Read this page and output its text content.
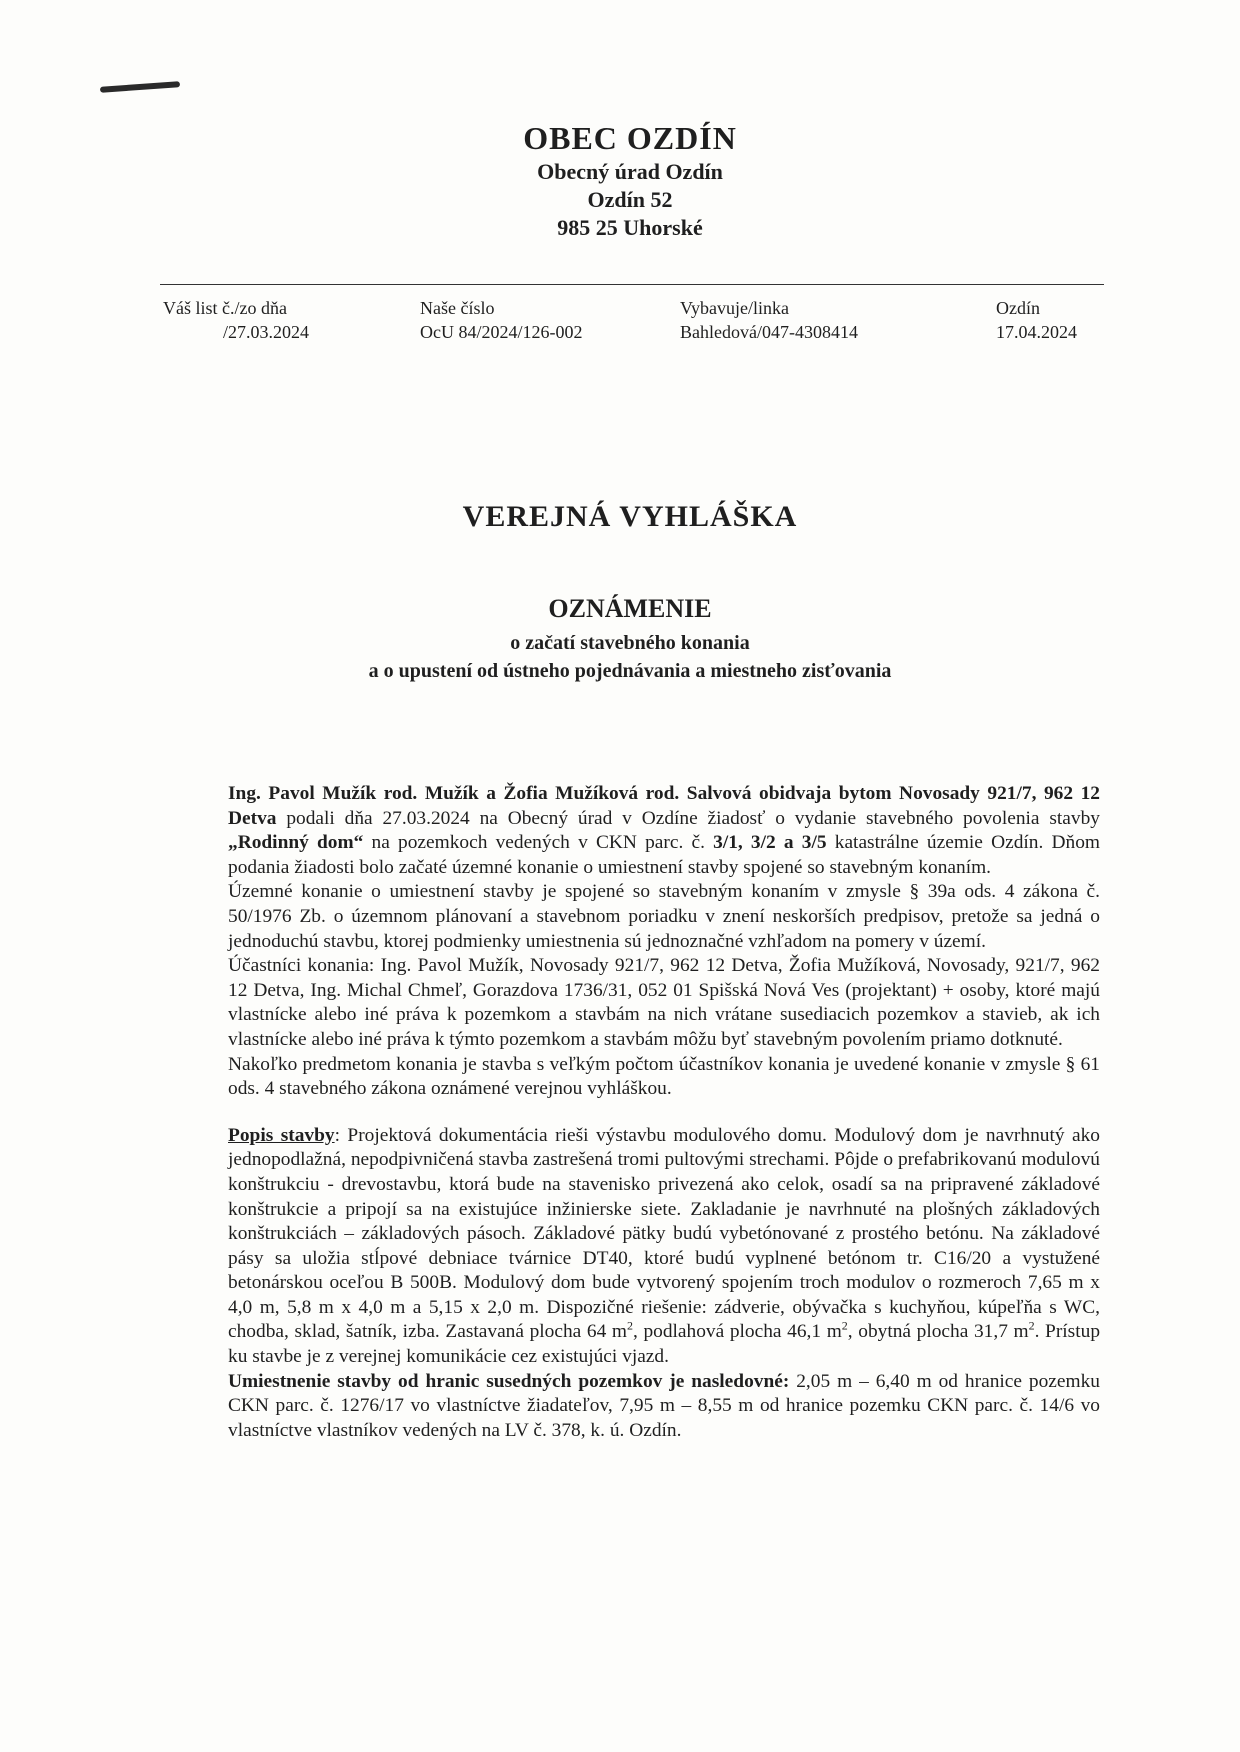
OBEC OZDÍN
Obecný úrad Ozdín
Ozdín 52
985 25 Uhorské
Váš list č./zo dňa
/27.03.2024
Naše číslo
OcU 84/2024/126-002
Vybavuje/linka
Bahledová/047-4308414
Ozdín
17.04.2024
VEREJNÁ VYHLÁŠKA
OZNÁMENIE
o začatí stavebného konania
a o upustení od ústneho pojednávania a miestneho zisťovania

Ing. Pavol Mužík rod. Mužík a Žofia Mužíková rod. Salvová obidvaja bytom Novosady 921/7, 962 12 Detva podali dňa 27.03.2024 na Obecný úrad v Ozdíne žiadosť o vydanie stavebného povolenia stavby „Rodinný dom“ na pozemkoch vedených v CKN parc. č. 3/1, 3/2 a 3/5 katastrálne územie Ozdín. Dňom podania žiadosti bolo začaté územné konanie o umiestnení stavby spojené so stavebným konaním.

Územné konanie o umiestnení stavby je spojené so stavebným konaním v zmysle § 39a ods. 4 zákona č. 50/1976 Zb. o územnom plánovaní a stavebnom poriadku v znení neskorších predpisov, pretože sa jedná o jednoduchú stavbu, ktorej podmienky umiestnenia sú jednoznačné vzhľadom na pomery v území.

Účastníci konania: Ing. Pavol Mužík, Novosady 921/7, 962 12 Detva, Žofia Mužíková, Novosady, 921/7, 962 12 Detva, Ing. Michal Chmeľ, Gorazdova 1736/31, 052 01 Spišská Nová Ves (projektant) + osoby, ktoré majú vlastnícke alebo iné práva k pozemkom a stavbám na nich vrátane susediacich pozemkov a stavieb, ak ich vlastnícke alebo iné práva k týmto pozemkom a stavbám môžu byť stavebným povolením priamo dotknuté.

Nakoľko predmetom konania je stavba s veľkým počtom účastníkov konania je uvedené konanie v zmysle § 61 ods. 4 stavebného zákona oznámené verejnou vyhláškou.

Popis stavby: Projektová dokumentácia rieši výstavbu modulového domu. Modulový dom je navrhnutý ako jednopodlažná, nepodpivničená stavba zastrešená tromi pultovými strechami. Pôjde o prefabrikovanú modulovú konštrukciu - drevostavbu, ktorá bude na stavenisko privezená ako celok, osadí sa na pripravené základové konštrukcie a pripojí sa na existujúce inžinierske siete. Zakladanie je navrhnuté na plošných základových konštrukciách – základových pásoch. Základové pätky budú vybetónované z prostého betónu. Na základové pásy sa uložia stĺpové debniace tvárnice DT40, ktoré budú vyplnené betónom tr. C16/20 a vystužené betonárskou oceľou B 500B. Modulový dom bude vytvorený spojením troch modulov o rozmeroch 7,65 m x 4,0 m, 5,8 m x 4,0 m a 5,15 x 2,0 m. Dispozičné riešenie: zádverie, obývačka s kuchyňou, kúpeľňa s WC, chodba, sklad, šatník, izba. Zastavaná plocha 64 $m^2$, podlahová plocha 46,1 $m^2$, obytná plocha 31,7 $m^2$. Prístup ku stavbe je z verejnej komunikácie cez existujúci vjazd.

Umiestnenie stavby od hranic susedných pozemkov je nasledovné: 2,05 m – 6,40 m od hranice pozemku CKN parc. č. 1276/17 vo vlastníctve žiadateľov, 7,95 m – 8,55 m od hranice pozemku CKN parc. č. 14/6 vo vlastníctve vlastníkov vedených na LV č. 378, k. ú. Ozdín.
